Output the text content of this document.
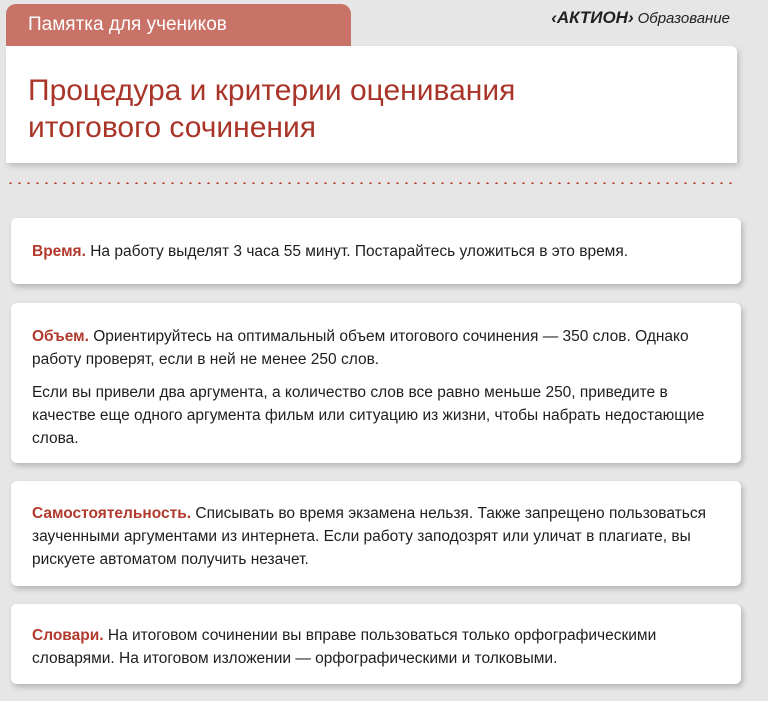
Памятка для учеников	‹АКТИОН› Образование
Процедура и критерии оценивания
итогового сочинения

Время. На работу выделят 3 часа 55 минут. Постарайтесь уложиться в это время.

Объем. Ориентируйтесь на оптимальный объем итогового сочинения — 350 слов. Однако работу проверят, если в ней не менее 250 слов.

Если вы привели два аргумента, а количество слов все равно меньше 250, приведите в качестве еще одного аргумента фильм или ситуацию из жизни, чтобы набрать недостающие слова.

Самостоятельность. Списывать во время экзамена нельзя. Также запрещено пользоваться заученными аргументами из интернета. Если работу заподозрят или уличат в плагиате, вы рискуете автоматом получить незачет.

Словари. На итоговом сочинении вы вправе пользоваться только орфографическими словарями. На итоговом изложении — орфографическими и толковыми.
